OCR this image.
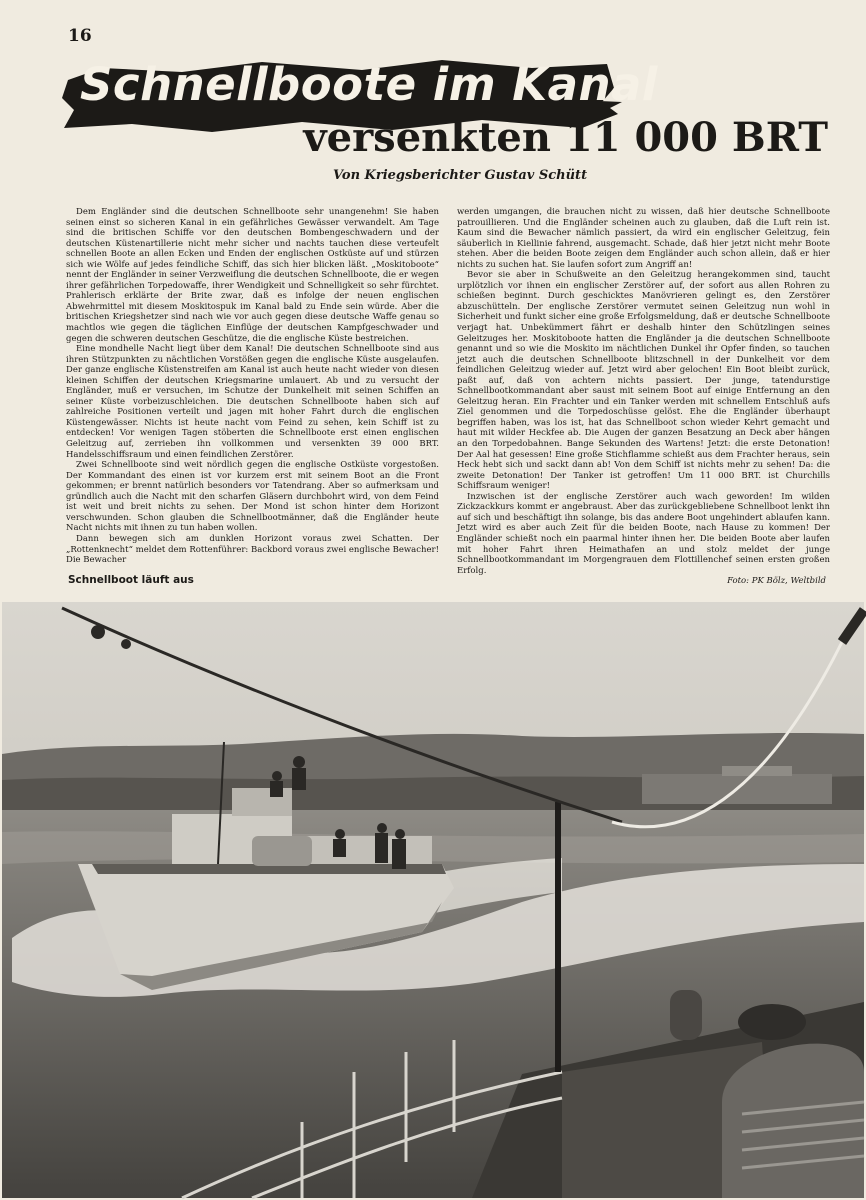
16
Schnellboote im Kanal
versenkten 11 000 BRT
Von Kriegsberichter Gustav Schütt

Dem Engländer sind die deutschen Schnellboote sehr unangenehm! Sie haben seinen einst so sicheren Kanal in ein gefährliches Gewässer verwandelt. Am Tage sind die britischen Schiffe vor den deutschen Bombengeschwadern und der deutschen Küstenartillerie nicht mehr sicher und nachts tauchen diese verteufelt schnellen Boote an allen Ecken und Enden der englischen Ostküste auf und stürzen sich wie Wölfe auf jedes feindliche Schiff, das sich hier blicken läßt. „Moskitoboote“ nennt der Engländer in seiner Verzweiflung die deutschen Schnellboote, die er wegen ihrer gefährlichen Torpedowaffe, ihrer Wendigkeit und Schnelligkeit so sehr fürchtet. Prahlerisch erklärte der Brite zwar, daß es infolge der neuen englischen Abwehrmittel mit diesem Moskitospuk im Kanal bald zu Ende sein würde. Aber die britischen Kriegshetzer sind nach wie vor auch gegen diese deutsche Waffe genau so machtlos wie gegen die täglichen Einflüge der deutschen Kampfgeschwader und gegen die schweren deutschen Geschütze, die die englische Küste bestreichen.

Eine mondhelle Nacht liegt über dem Kanal! Die deutschen Schnellboote sind aus ihren Stützpunkten zu nächtlichen Vorstößen gegen die englische Küste ausgelaufen. Der ganze englische Küstenstreifen am Kanal ist auch heute nacht wieder von diesen kleinen Schiffen der deutschen Kriegsmarine umlauert. Ab und zu versucht der Engländer, muß er versuchen, im Schutze der Dunkelheit mit seinen Schiffen an seiner Küste vorbeizuschleichen. Die deutschen Schnellboote haben sich auf zahlreiche Positionen verteilt und jagen mit hoher Fahrt durch die englischen Küstengewässer. Nichts ist heute nacht vom Feind zu sehen, kein Schiff ist zu entdecken! Vor wenigen Tagen stöberten die Schnellboote erst einen englischen Geleitzug auf, zerrieben ihn vollkommen und versenkten 39 000 BRT. Handelsschiffsraum und einen feindlichen Zerstörer.

Zwei Schnellboote sind weit nördlich gegen die englische Ostküste vorgestoßen. Der Kommandant des einen ist vor kurzem erst mit seinem Boot an die Front gekommen; er brennt natürlich besonders vor Tatendrang. Aber so aufmerksam und gründlich auch die Nacht mit den scharfen Gläsern durchbohrt wird, von dem Feind ist weit und breit nichts zu sehen. Der Mond ist schon hinter dem Horizont verschwunden. Schon glauben die Schnellbootmänner, daß die Engländer heute Nacht nichts mit ihnen zu tun haben wollen.

Dann bewegen sich am dunklen Horizont voraus zwei Schatten. Der „Rottenknecht“ meldet dem Rottenführer: Backbord voraus zwei englische Bewacher! Die Bewacher

werden umgangen, die brauchen nicht zu wissen, daß hier deutsche Schnellboote patrouillieren. Und die Engländer scheinen auch zu glauben, daß die Luft rein ist. Kaum sind die Bewacher nämlich passiert, da wird ein englischer Geleitzug, fein säuberlich in Kiellinie fahrend, ausgemacht. Schade, daß hier jetzt nicht mehr Boote stehen. Aber die beiden Boote zeigen dem Engländer auch schon allein, daß er hier nichts zu suchen hat. Sie laufen sofort zum Angriff an!

Bevor sie aber in Schußweite an den Geleitzug herangekommen sind, taucht urplötzlich vor ihnen ein englischer Zerstörer auf, der sofort aus allen Rohren zu schießen beginnt. Durch geschicktes Manövrieren gelingt es, den Zerstörer abzuschütteln. Der englische Zerstörer vermutet seinen Geleitzug nun wohl in Sicherheit und funkt sicher eine große Erfolgsmeldung, daß er deutsche Schnellboote verjagt hat. Unbekümmert fährt er deshalb hinter den Schützlingen seines Geleitzuges her. Moskitoboote hatten die Engländer ja die deutschen Schnellboote genannt und so wie die Moskito im nächtlichen Dunkel ihr Opfer finden, so tauchen jetzt auch die deutschen Schnellboote blitzschnell in der Dunkelheit vor dem feindlichen Geleitzug wieder auf. Jetzt wird aber gelochen! Ein Boot bleibt zurück, paßt auf, daß von achtern nichts passiert. Der junge, tatendurstige Schnellbootkommandant aber saust mit seinem Boot auf einige Entfernung an den Geleitzug heran. Ein Frachter und ein Tanker werden mit schnellem Entschluß aufs Ziel genommen und die Torpedoschüsse gelöst. Ehe die Engländer überhaupt begriffen haben, was los ist, hat das Schnellboot schon wieder Kehrt gemacht und haut mit wilder Heckfee ab. Die Augen der ganzen Besatzung an Deck aber hängen an den Torpedobahnen. Bange Sekunden des Wartens! Jetzt: die erste Detonation! Der Aal hat gesessen! Eine große Stichflamme schießt aus dem Frachter heraus, sein Heck hebt sich und sackt dann ab! Von dem Schiff ist nichts mehr zu sehen! Da: die zweite Detonation! Der Tanker ist getroffen! Um 11 000 BRT. ist Churchills Schiffsraum weniger!

Inzwischen ist der englische Zerstörer auch wach geworden! Im wilden Zickzackkurs kommt er angebraust. Aber das zurückgebliebene Schnellboot lenkt ihn auf sich und beschäftigt ihn solange, bis das andere Boot ungehindert ablaufen kann. Jetzt wird es aber auch Zeit für die beiden Boote, nach Hause zu kommen! Der Engländer schießt noch ein paarmal hinter ihnen her. Die beiden Boote aber laufen mit hoher Fahrt ihren Heimathafen an und stolz meldet der junge Schnellbootkommandant im Morgengrauen dem Flottillenchef seinen ersten großen Erfolg.

Schnellboot läuft aus	Foto: PK Bölz, Weltbild
